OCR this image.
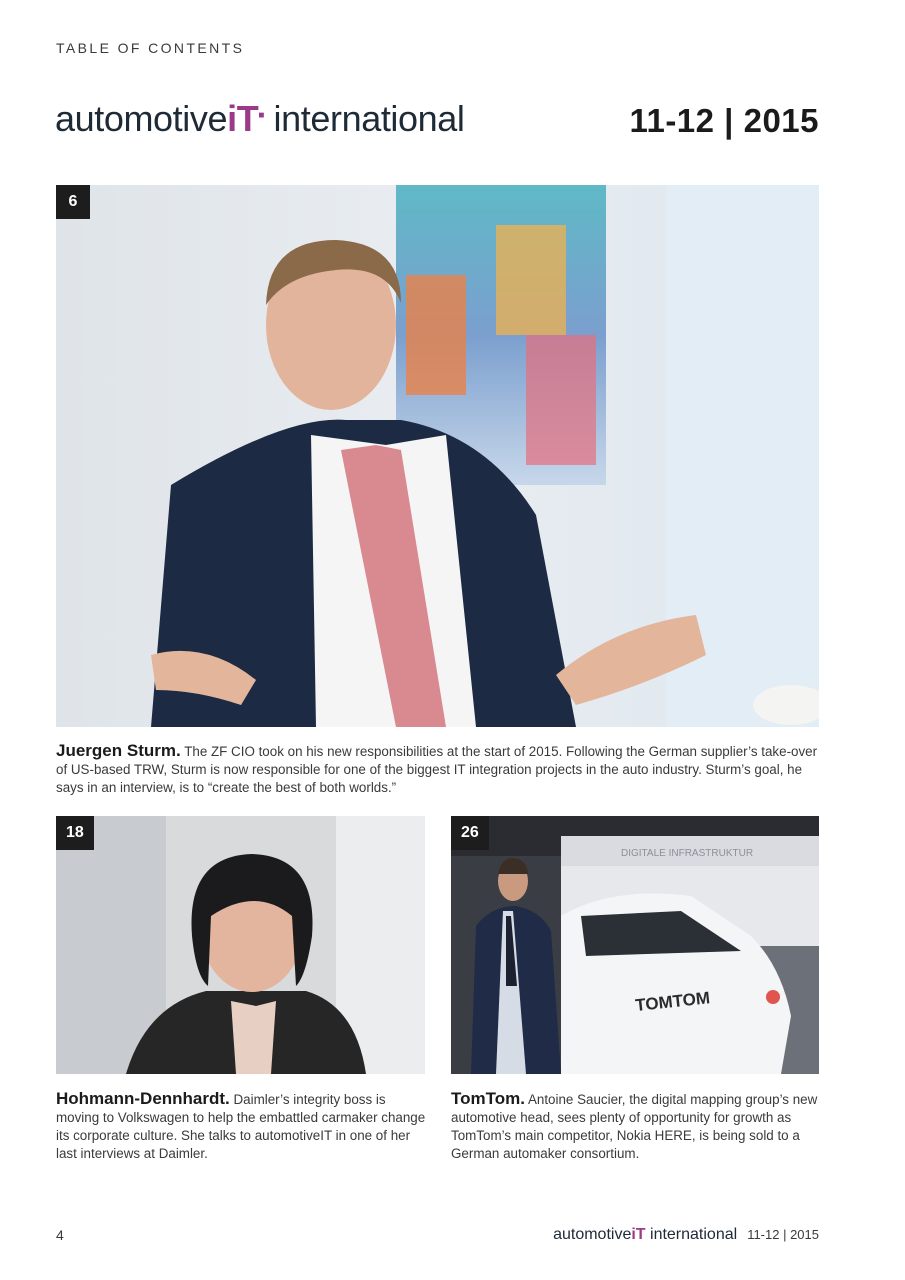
TABLE OF CONTENTS
automotiveiT■ international	11-12 | 2015
6
Juergen Sturm. The ZF CIO took on his new responsibilities at the start of 2015. Following the German supplier’s take-over of US-based TRW, Sturm is now responsible for one of the biggest IT integration projects in the auto industry. Sturm’s goal, he says in an interview, is to “create the best of both worlds.”
18
Hohmann-Dennhardt. Daimler’s integrity boss is moving to Volkswagen to help the embattled carmaker change its corporate culture. She talks to automotiveIT in one of her last interviews at Daimler.
DIGITALE INFRASTRUKTUR
TOMTOM
26
TomTom. Antoine Saucier, the digital mapping group’s new automotive head, sees plenty of opportunity for growth as TomTom’s main competitor, Nokia HERE, is being sold to a German automaker consortium.
4	automotiveiT international 11-12 | 2015
